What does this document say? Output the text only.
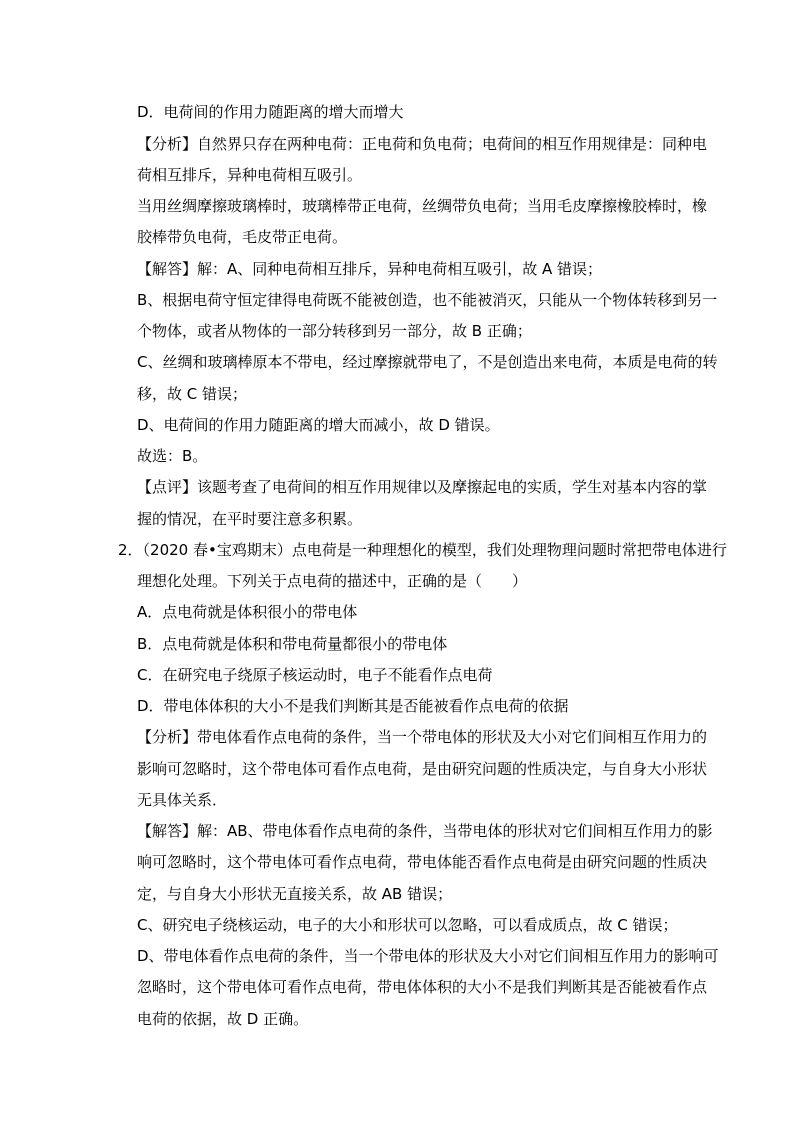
D．电荷间的作用力随距离的增大而增大
【分析】自然界只存在两种电荷：正电荷和负电荷；电荷间的相互作用规律是：同种电
荷相互排斥，异种电荷相互吸引。
当用丝绸摩擦玻璃棒时，玻璃棒带正电荷，丝绸带负电荷；当用毛皮摩擦橡胶棒时，橡
胶棒带负电荷，毛皮带正电荷。
【解答】解：A、同种电荷相互排斥，异种电荷相互吸引，故 A 错误；
B、根据电荷守恒定律得电荷既不能被创造，也不能被消灭，只能从一个物体转移到另一
个物体，或者从物体的一部分转移到另一部分，故 B 正确；
C、丝绸和玻璃棒原本不带电，经过摩擦就带电了，不是创造出来电荷，本质是电荷的转
移，故 C 错误；
D、电荷间的作用力随距离的增大而减小，故 D 错误。
故选：B。
【点评】该题考查了电荷间的相互作用规律以及摩擦起电的实质，学生对基本内容的掌
握的情况，在平时要注意多积累。
2．（2020 春•宝鸡期末）点电荷是一种理想化的模型，我们处理物理问题时常把带电体进行
理想化处理。下列关于点电荷的描述中，正确的是（　　）
A．点电荷就是体积很小的带电体
B．点电荷就是体积和带电荷量都很小的带电体
C．在研究电子绕原子核运动时，电子不能看作点电荷
D．带电体体积的大小不是我们判断其是否能被看作点电荷的依据
【分析】带电体看作点电荷的条件，当一个带电体的形状及大小对它们间相互作用力的
影响可忽略时，这个带电体可看作点电荷，是由研究问题的性质决定，与自身大小形状
无具体关系．
【解答】解：AB、带电体看作点电荷的条件，当带电体的形状对它们间相互作用力的影
响可忽略时，这个带电体可看作点电荷，带电体能否看作点电荷是由研究问题的性质决
定，与自身大小形状无直接关系，故 AB 错误；
C、研究电子绕核运动，电子的大小和形状可以忽略，可以看成质点，故 C 错误；
D、带电体看作点电荷的条件，当一个带电体的形状及大小对它们间相互作用力的影响可
忽略时，这个带电体可看作点电荷，带电体体积的大小不是我们判断其是否能被看作点
电荷的依据，故 D 正确。
